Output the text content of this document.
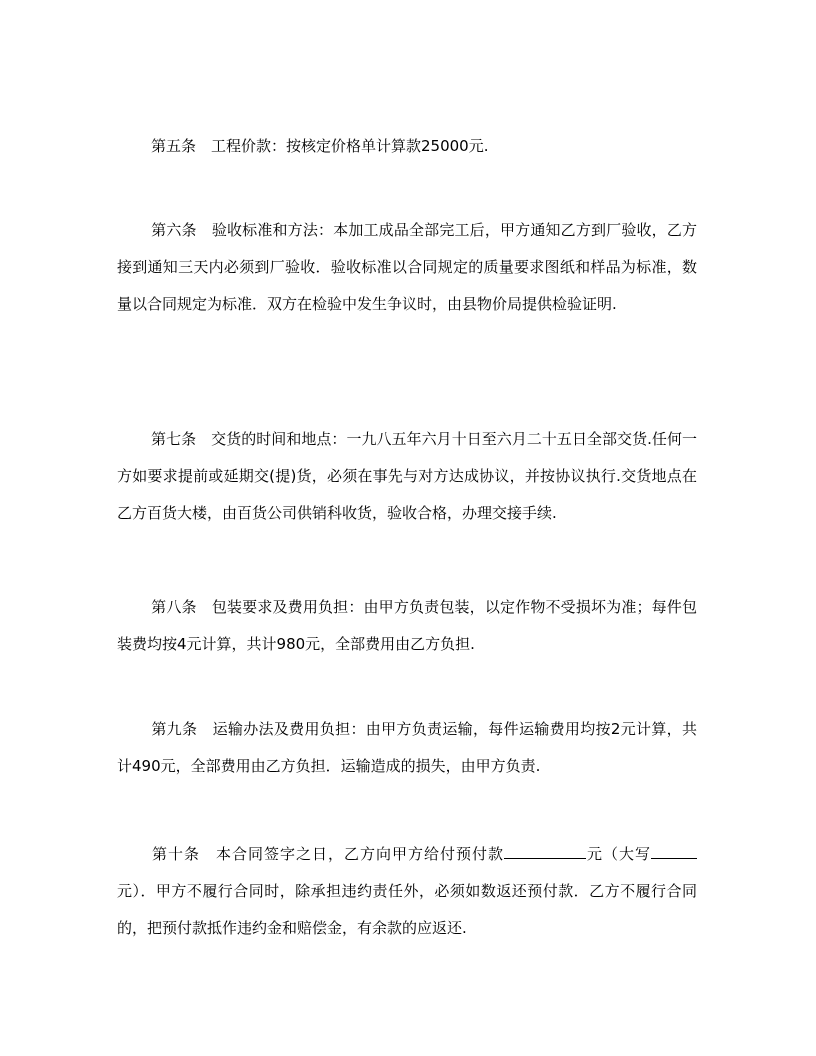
第五条　工程价款：按核定价格单计算款25000元.

第六条　验收标准和方法：本加工成品全部完工后，甲方通知乙方到厂验收，乙方接到通知三天内必须到厂验收．验收标准以合同规定的质量要求图纸和样品为标准，数量以合同规定为标准．双方在检验中发生争议时，由县物价局提供检验证明.

第七条　交货的时间和地点：一九八五年六月十日至六月二十五日全部交货.任何一方如要求提前或延期交(提)货，必须在事先与对方达成协议，并按协议执行.交货地点在乙方百货大楼，由百货公司供销科收货，验收合格，办理交接手续.

第八条　包装要求及费用负担：由甲方负责包装，以定作物不受损坏为准；每件包装费均按4元计算，共计980元，全部费用由乙方负担.

第九条　运输办法及费用负担：由甲方负责运输，每件运输费用均按2元计算，共计490元，全部费用由乙方负担．运输造成的损失，由甲方负责.

第十条　本合同签字之日，乙方向甲方给付预付款	元（大写元）．甲方不履行合同时，除承担违约责任外，必须如数返还预付款．乙方不履行合同的，把预付款抵作违约金和赔偿金，有余款的应返还.
